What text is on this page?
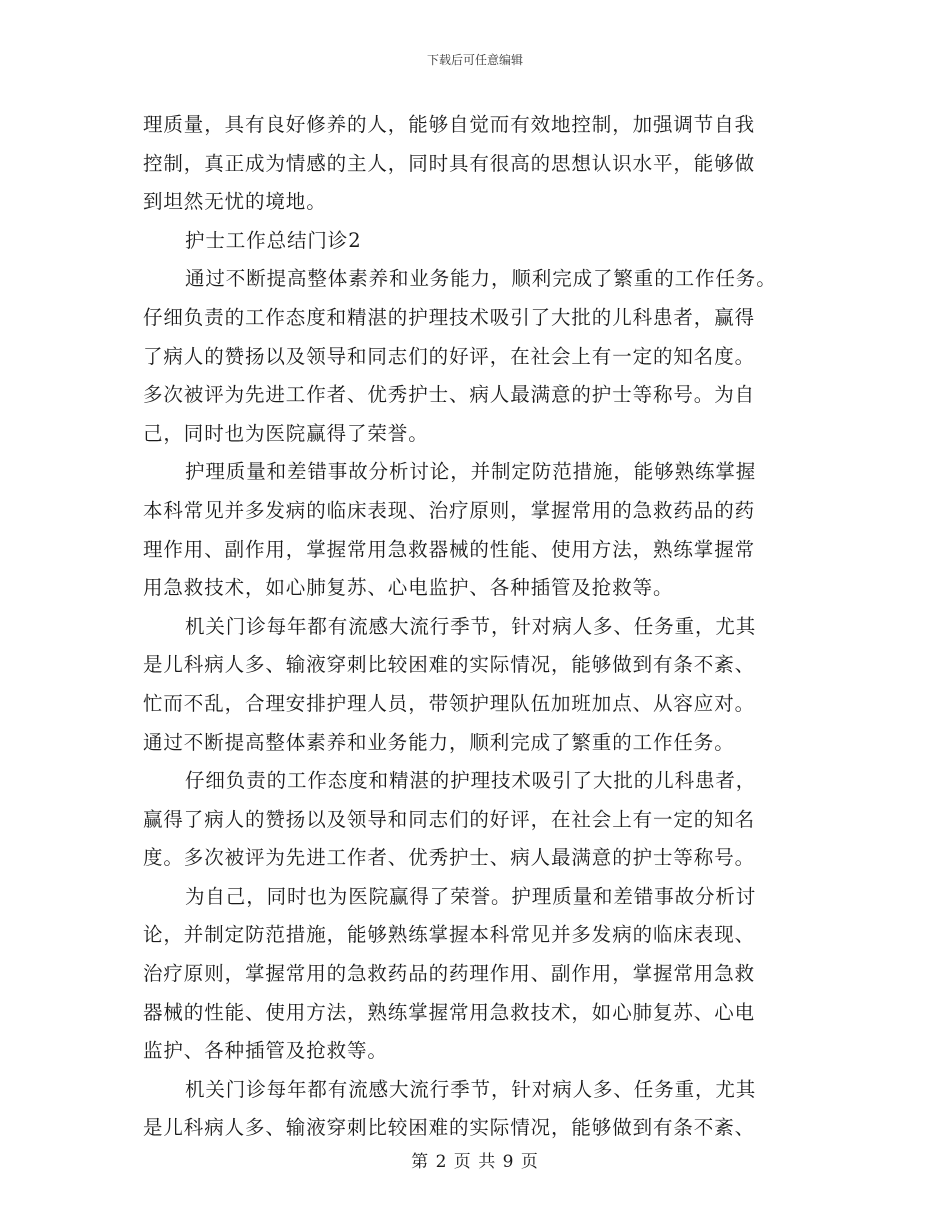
下载后可任意编辑
理质量，具有良好修养的人，能够自觉而有效地控制，加强调节自我
控制，真正成为情感的主人，同时具有很高的思想认识水平，能够做
到坦然无忧的境地。
护士工作总结门诊2
通过不断提高整体素养和业务能力，顺利完成了繁重的工作任务。
仔细负责的工作态度和精湛的护理技术吸引了大批的儿科患者，赢得
了病人的赞扬以及领导和同志们的好评，在社会上有一定的知名度。
多次被评为先进工作者、优秀护士、病人最满意的护士等称号。为自
己，同时也为医院赢得了荣誉。
护理质量和差错事故分析讨论，并制定防范措施，能够熟练掌握
本科常见并多发病的临床表现、治疗原则，掌握常用的急救药品的药
理作用、副作用，掌握常用急救器械的性能、使用方法，熟练掌握常
用急救技术，如心肺复苏、心电监护、各种插管及抢救等。
机关门诊每年都有流感大流行季节，针对病人多、任务重，尤其
是儿科病人多、输液穿刺比较困难的实际情况，能够做到有条不紊、
忙而不乱，合理安排护理人员，带领护理队伍加班加点、从容应对。
通过不断提高整体素养和业务能力，顺利完成了繁重的工作任务。
仔细负责的工作态度和精湛的护理技术吸引了大批的儿科患者，
赢得了病人的赞扬以及领导和同志们的好评，在社会上有一定的知名
度。多次被评为先进工作者、优秀护士、病人最满意的护士等称号。
为自己，同时也为医院赢得了荣誉。护理质量和差错事故分析讨
论，并制定防范措施，能够熟练掌握本科常见并多发病的临床表现、
治疗原则，掌握常用的急救药品的药理作用、副作用，掌握常用急救
器械的性能、使用方法，熟练掌握常用急救技术，如心肺复苏、心电
监护、各种插管及抢救等。
机关门诊每年都有流感大流行季节，针对病人多、任务重，尤其
是儿科病人多、输液穿刺比较困难的实际情况，能够做到有条不紊、
第 2 页 共 9 页
